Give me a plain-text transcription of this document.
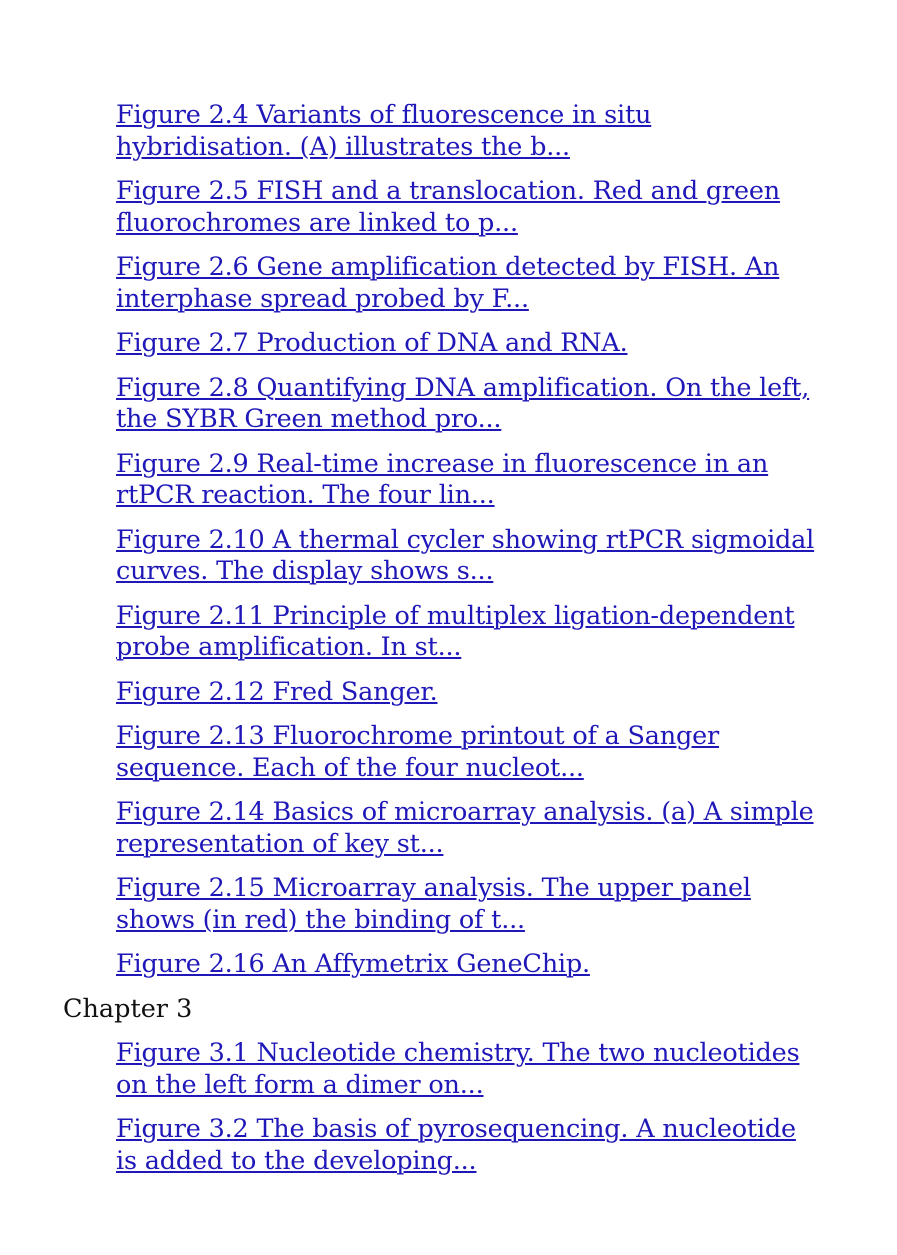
Figure 2.4 Variants of fluorescence in situ hybridisation. (A) illustrates the b...
Figure 2.5 FISH and a translocation. Red and green fluorochromes are linked to p...
Figure 2.6 Gene amplification detected by FISH. An interphase spread probed by F...
Figure 2.7 Production of DNA and RNA.
Figure 2.8 Quantifying DNA amplification. On the left, the SYBR Green method pro...
Figure 2.9 Real-time increase in fluorescence in an rtPCR reaction. The four lin...
Figure 2.10 A thermal cycler showing rtPCR sigmoidal curves. The display shows s...
Figure 2.11 Principle of multiplex ligation-dependent probe amplification. In st...
Figure 2.12 Fred Sanger.
Figure 2.13 Fluorochrome printout of a Sanger sequence. Each of the four nucleot...
Figure 2.14 Basics of microarray analysis. (a) A simple representation of key st...
Figure 2.15 Microarray analysis. The upper panel shows (in red) the binding of t...
Figure 2.16 An Affymetrix GeneChip.
Chapter 3
Figure 3.1 Nucleotide chemistry. The two nucleotides on the left form a dimer on...
Figure 3.2 The basis of pyrosequencing. A nucleotide is added to the developing...
